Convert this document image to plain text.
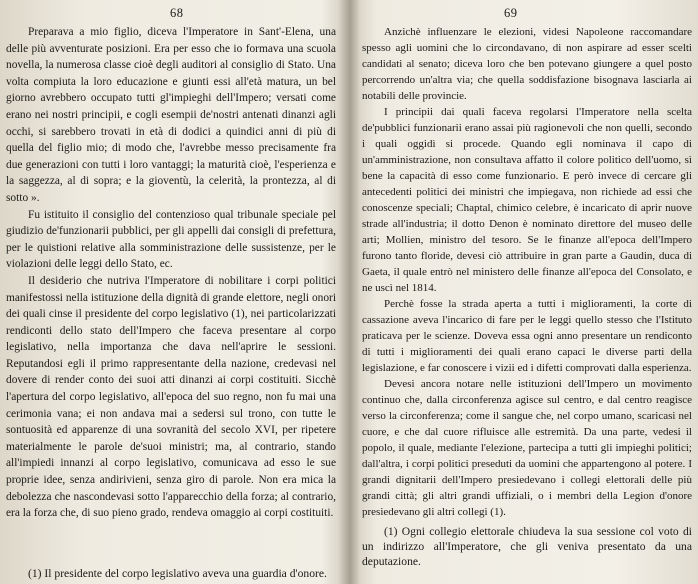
68

Preparava a mio figlio, diceva l'Imperatore in Sant'-Elena, una delle più avventurate posizioni. Era per esso che io formava una scuola novella, la numerosa classe cioè degli auditori al consiglio di Stato. Una volta compiuta la loro educazione e giunti essi all'età matura, un bel giorno avrebbero occupato tutti gl'impieghi dell'Impero; versati come erano nei nostri principii, e cogli esempii de'nostri antenati dinanzi agli occhi, si sarebbero trovati in età di dodici a quindici anni di più di quella del figlio mio; di modo che, l'avrebbe messo precisamente fra due generazioni con tutti i loro vantaggi; la maturità cioè, l'esperienza e la saggezza, al di sopra; e la gioventù, la celerità, la prontezza, al di sotto ».

Fu istituito il consiglio del contenzioso qual tribunale speciale pel giudizio de'funzionarii pubblici, per gli appelli dai consigli di prefettura, per le quistioni relative alla somministrazione delle sussistenze, per le violazioni delle leggi dello Stato, ec.

Il desiderio che nutriva l'Imperatore di nobilitare i corpi politici manifestossi nella istituzione della dignità di grande elettore, negli onori dei quali cinse il presidente del corpo legislativo (1), nei particolarizzati rendiconti dello stato dell'Impero che faceva presentare al corpo legislativo, nella importanza che dava nell'aprire le sessioni. Reputandosi egli il primo rappresentante della nazione, credevasi nel dovere di render conto dei suoi atti dinanzi ai corpi costituiti. Sicchè l'apertura del corpo legislativo, all'epoca del suo regno, non fu mai una cerimonia vana; ei non andava mai a sedersi sul trono, con tutte le sontuosità ed apparenze di una sovranità del secolo XVI, per ripetere materialmente le parole de'suoi ministri; ma, al contrario, stando all'impiedi innanzi al corpo legislativo, comunicava ad esso le sue proprie idee, senza andirivieni, senza giro di parole. Non era mica la debolezza che nascondevasi sotto l'apparecchio della forza; al contrario, era la forza che, di suo pieno grado, rendeva omaggio ai corpi costituiti.

(1) Il presidente del corpo legislativo aveva una guardia d'onore.

69

Anzichè influenzare le elezioni, videsi Napoleone raccomandare spesso agli uomini che lo circondavano, di non aspirare ad esser scelti candidati al senato; diceva loro che ben potevano giungere a quel posto percorrendo un'altra via; che quella soddisfazione bisognava lasciarla ai notabili delle provincie.

I principii dai quali faceva regolarsi l'Imperatore nella scelta de'pubblici funzionarii erano assai più ragionevoli che non quelli, secondo i quali oggidì si procede. Quando egli nominava il capo di un'amministrazione, non consultava affatto il colore politico dell'uomo, sì bene la capacità di esso come funzionario. E però invece di cercare gli antecedenti politici dei ministri che impiegava, non richiede ad essi che conoscenze speciali; Chaptal, chimico celebre, è incaricato di aprir nuove strade all'industria; il dotto Denon è nominato direttore del museo delle arti; Mollien, ministro del tesoro. Se le finanze all'epoca dell'Impero furono tanto floride, devesi ciò attribuire in gran parte a Gaudin, duca di Gaeta, il quale entrò nel ministero delle finanze all'epoca del Consolato, e ne uscì nel 1814.

Perchè fosse la strada aperta a tutti i miglioramenti, la corte di cassazione aveva l'incarico di fare per le leggi quello stesso che l'Istituto praticava per le scienze. Doveva essa ogni anno presentare un rendiconto di tutti i miglioramenti dei quali erano capaci le diverse parti della legislazione, e far conoscere i vizii ed i difetti comprovati dalla esperienza.

Devesi ancora notare nelle istituzioni dell'Impero un movimento continuo che, dalla circonferenza agisce sul centro, e dal centro reagisce verso la circonferenza; come il sangue che, nel corpo umano, scaricasi nel cuore, e che dal cuore rifluisce alle estremità. Da una parte, vedesi il popolo, il quale, mediante l'elezione, partecipa a tutti gli impieghi politici; dall'altra, i corpi politici preseduti da uomini che appartengono al potere. I grandi dignitarii dell'Impero presiedevano i collegi elettorali delle più grandi città; gli altri grandi uffiziali, o i membri della Legion d'onore presiedevano gli altri collegi (1).

(1) Ogni collegio elettorale chiudeva la sua sessione col voto di un indirizzo all'Imperatore, che gli veniva presentato da una deputazione.
